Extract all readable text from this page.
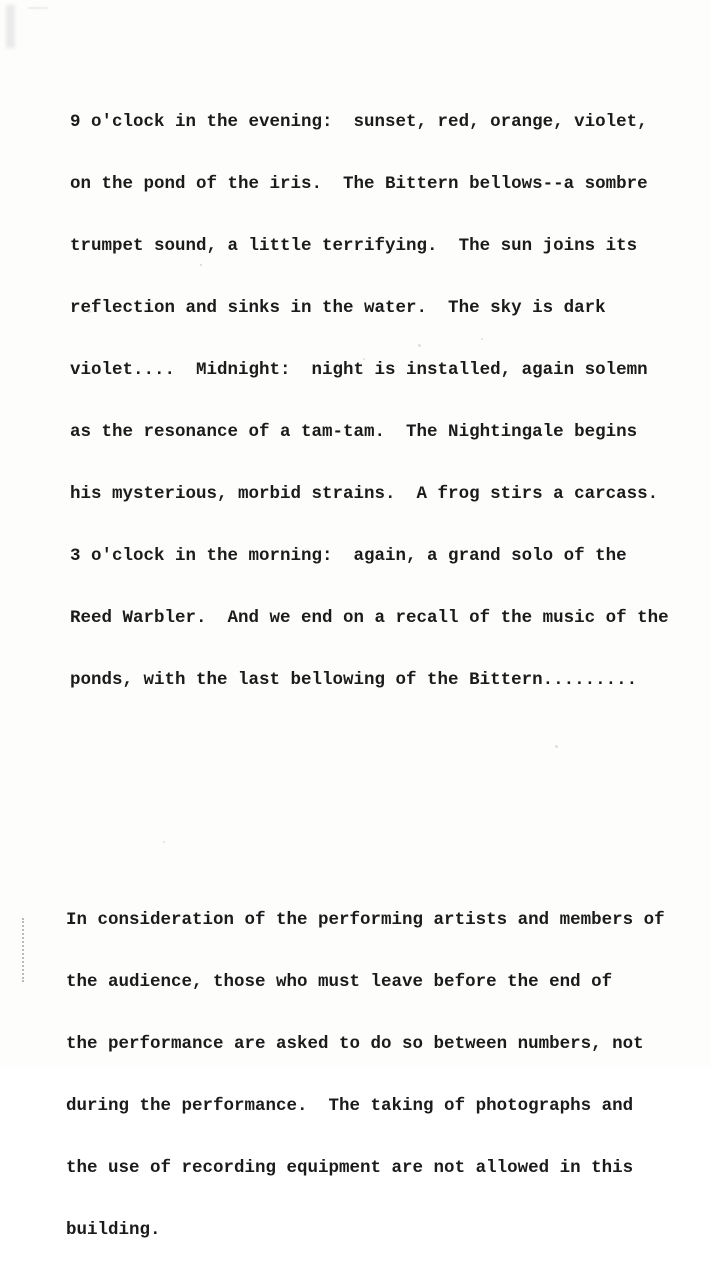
9 o'clock in the evening:  sunset, red, orange, violet,

on the pond of the iris.  The Bittern bellows--a sombre

trumpet sound, a little terrifying.  The sun joins its

reflection and sinks in the water.  The sky is dark

violet....  Midnight:  night is installed, again solemn

as the resonance of a tam-tam.  The Nightingale begins

his mysterious, morbid strains.  A frog stirs a carcass.

3 o'clock in the morning:  again, a grand solo of the

Reed Warbler.  And we end on a recall of the music of the

ponds, with the last bellowing of the Bittern.........

In consideration of the performing artists and members of

the audience, those who must leave before the end of

the performance are asked to do so between numbers, not

during the performance.  The taking of photographs and

the use of recording equipment are not allowed in this

building.
